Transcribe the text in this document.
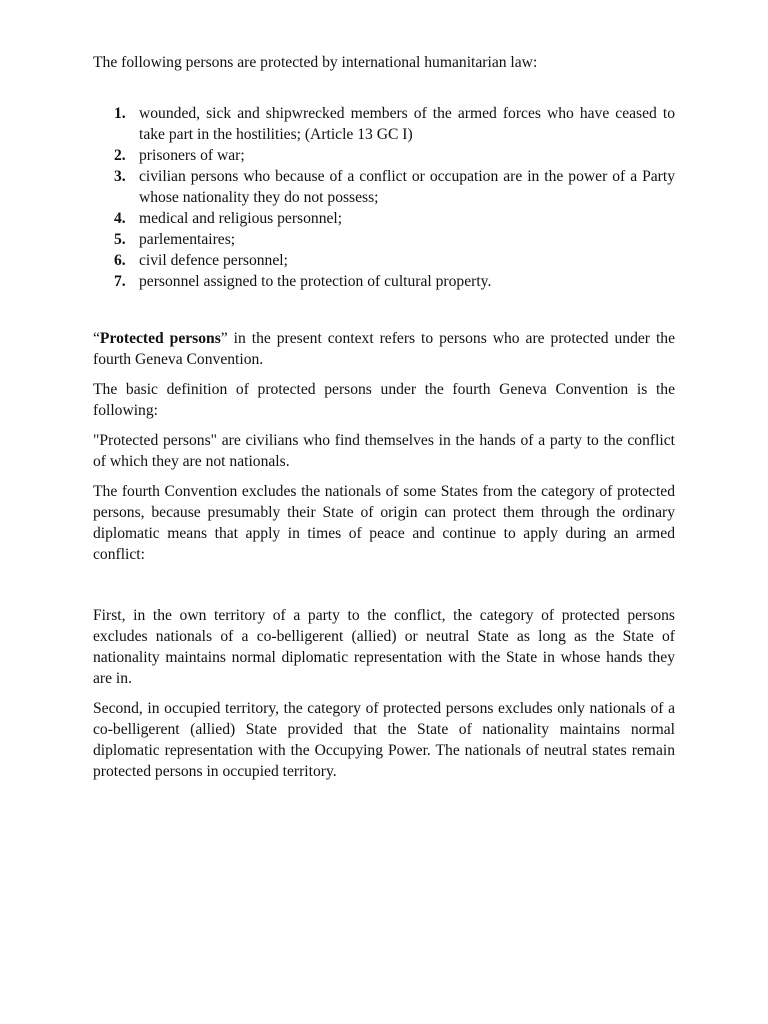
The following persons are protected by international humanitarian law:

1. wounded, sick and shipwrecked members of the armed forces who have ceased to take part in the hostilities; (Article 13 GC I)
2. prisoners of war;
3. civilian persons who because of a conflict or occupation are in the power of a Party whose nationality they do not possess;
4. medical and religious personnel;
5. parlementaires;
6. civil defence personnel;
7. personnel assigned to the protection of cultural property.

“Protected persons” in the present context refers to persons who are protected under the fourth Geneva Convention.

The basic definition of protected persons under the fourth Geneva Convention is the following:

"Protected persons" are civilians who find themselves in the hands of a party to the conflict of which they are not nationals.

The fourth Convention excludes the nationals of some States from the category of protected persons, because presumably their State of origin can protect them through the ordinary diplomatic means that apply in times of peace and continue to apply during an armed conflict:

First, in the own territory of a party to the conflict, the category of protected persons excludes nationals of a co-belligerent (allied) or neutral State as long as the State of nationality maintains normal diplomatic representation with the State in whose hands they are in.

Second, in occupied territory, the category of protected persons excludes only nationals of a co-belligerent (allied) State provided that the State of nationality maintains normal diplomatic representation with the Occupying Power. The nationals of neutral states remain protected persons in occupied territory.
